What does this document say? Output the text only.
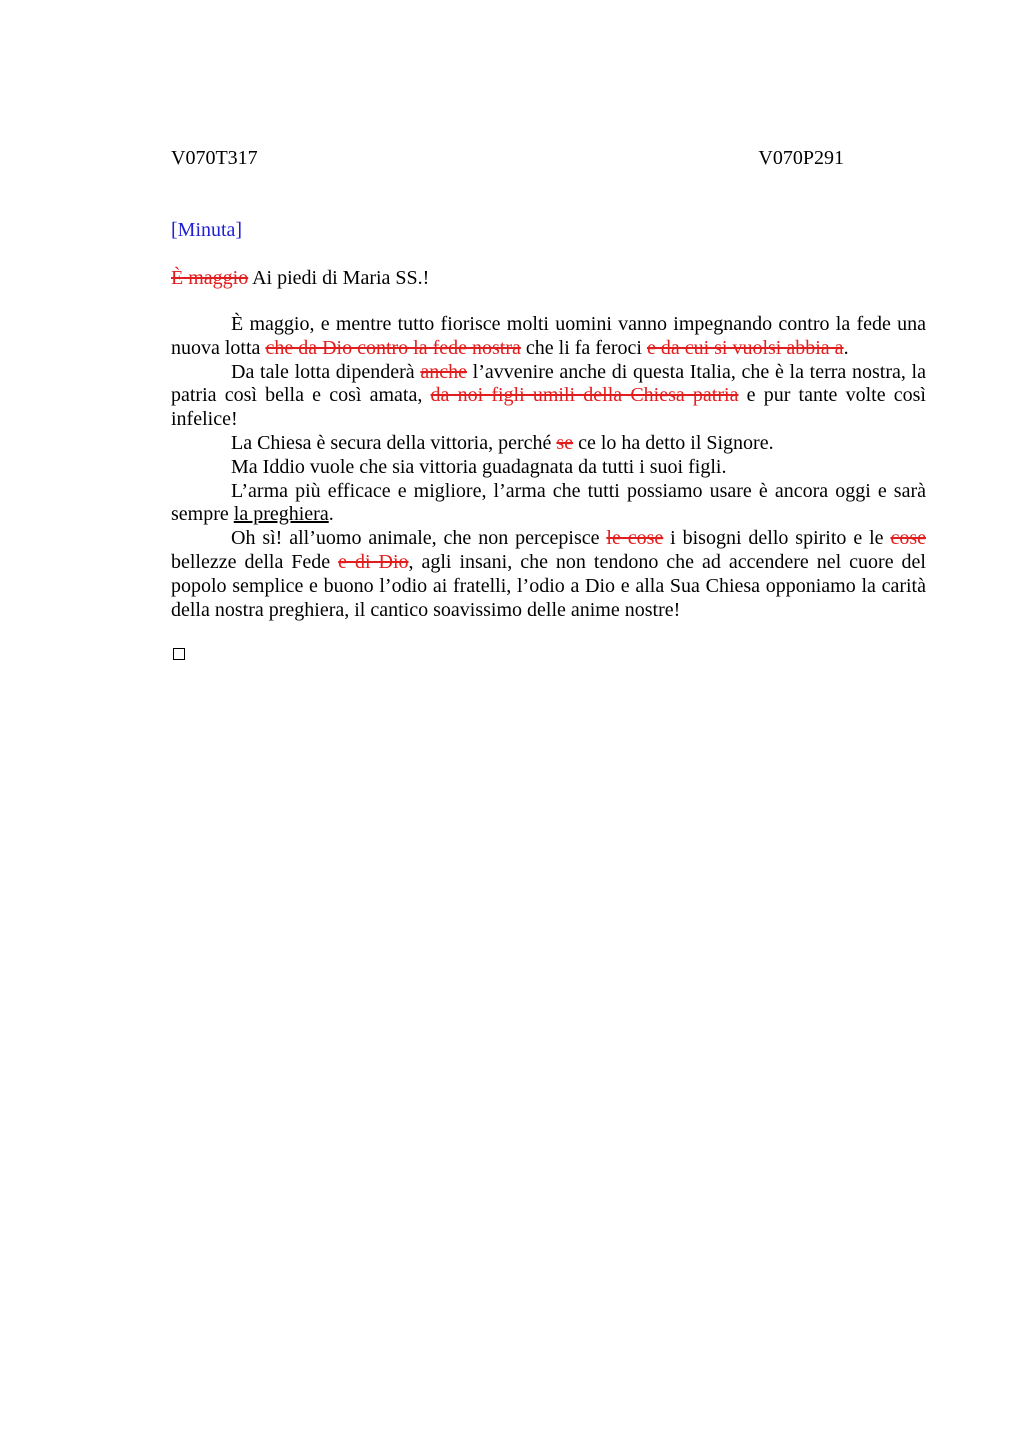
V070T317	V070P291
[Minuta]
È maggio Ai piedi di Maria SS.!

È maggio, e mentre tutto fiorisce molti uomini vanno impegnando contro la fede una nuova lotta che da Dio contro la fede nostra che li fa feroci e da cui si vuolsi abbia a.

Da tale lotta dipenderà anche l’avvenire anche di questa Italia, che è la terra nostra, la patria così bella e così amata, da noi figli umili della Chiesa patria e pur tante volte così infelice!

La Chiesa è secura della vittoria, perché se ce lo ha detto il Signore.

Ma Iddio vuole che sia vittoria guadagnata da tutti i suoi figli.

L’arma più efficace e migliore, l’arma che tutti possiamo usare è ancora oggi e sarà sempre la preghiera.

Oh sì! all’uomo animale, che non percepisce le cose i bisogni dello spirito e le cose bellezze della Fede e di Dio, agli insani, che non tendono che ad accendere nel cuore del popolo semplice e buono l’odio ai fratelli, l’odio a Dio e alla Sua Chiesa opponiamo la carità della nostra preghiera, il cantico soavissimo delle anime nostre!
